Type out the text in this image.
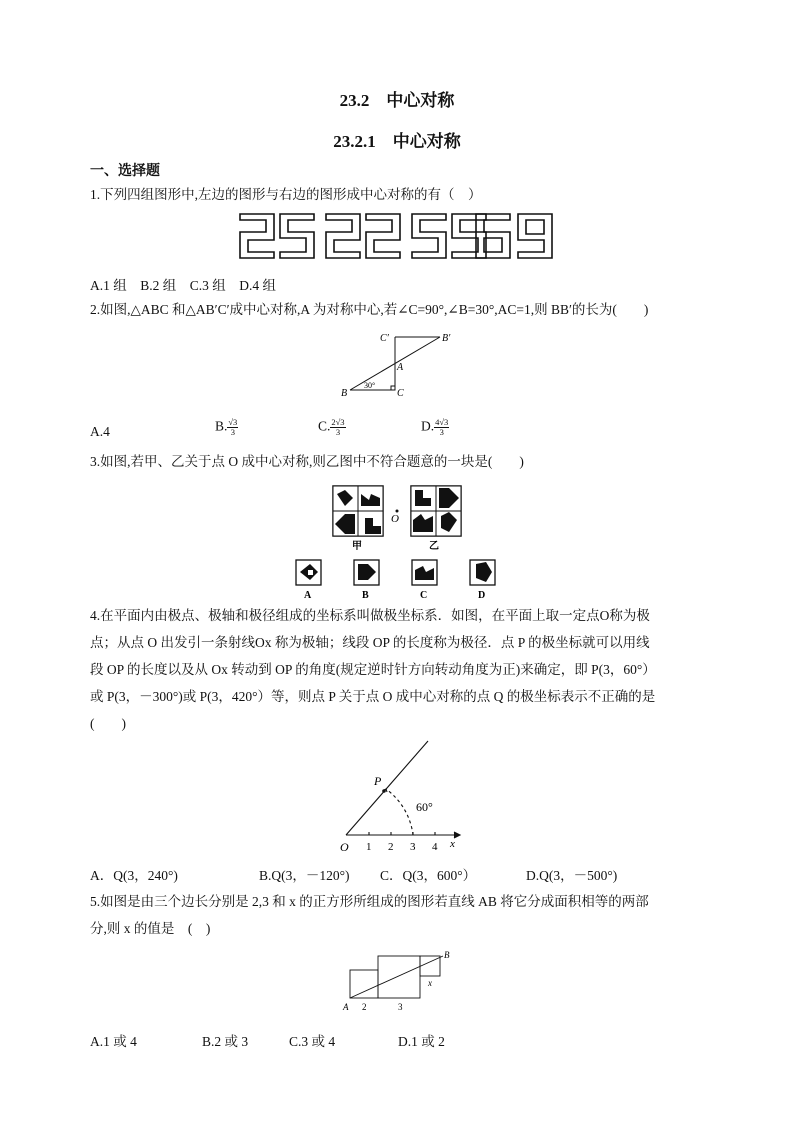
23.2　中心对称
23.2.1　中心对称
一、选择题
1.下列四组图形中,左边的图形与右边的图形成中心对称的有（　）
A.1 组　B.2 组　C.3 组　D.4 组
2.如图,△ABC 和△AB′C′成中心对称,A 为对称中心,若∠C=90°,∠B=30°,AC=1,则 BB′的长为(　　)
C′	B′
A
B	C
30°
A.4	B. $\frac{√3}{3}$	C. $\frac{2√3}{3}$	D. $\frac{4√3}{3}$
3.如图,若甲、乙关于点 O 成中心对称,则乙图中不符合题意的一块是(　　)
O
甲	乙
A	B	C	D
4.在平面内由极点、极轴和极径组成的坐标系叫做极坐标系．如图，在平面上取一定点O称为极
点；从点 O 出发引一条射线Ox 称为极轴；线段 OP 的长度称为极径．点 P 的极坐标就可以用线
段 OP 的长度以及从 Ox 转动到 OP 的角度(规定逆时针方向转动角度为正)来确定，即 P(3，60°）
或 P(3，－300°)或 P(3，420°）等，则点 P 关于点 O 成中心对称的点 Q 的极坐标表示不正确的是
(　　)
P
60°
O 1 2 3 4 x
A．Q(3，240°)	B.Q(3，－120°) C．Q(3，600°）	D.Q(3，－500°)
5.如图是由三个边长分别是 2,3 和 x 的正方形所组成的图形若直线 AB 将它分成面积相等的两部
分,则 x 的值是　(　)
A
B
2	3
x
A.1 或 4	B.2 或 3	C.3 或 4	D.1 或 2
